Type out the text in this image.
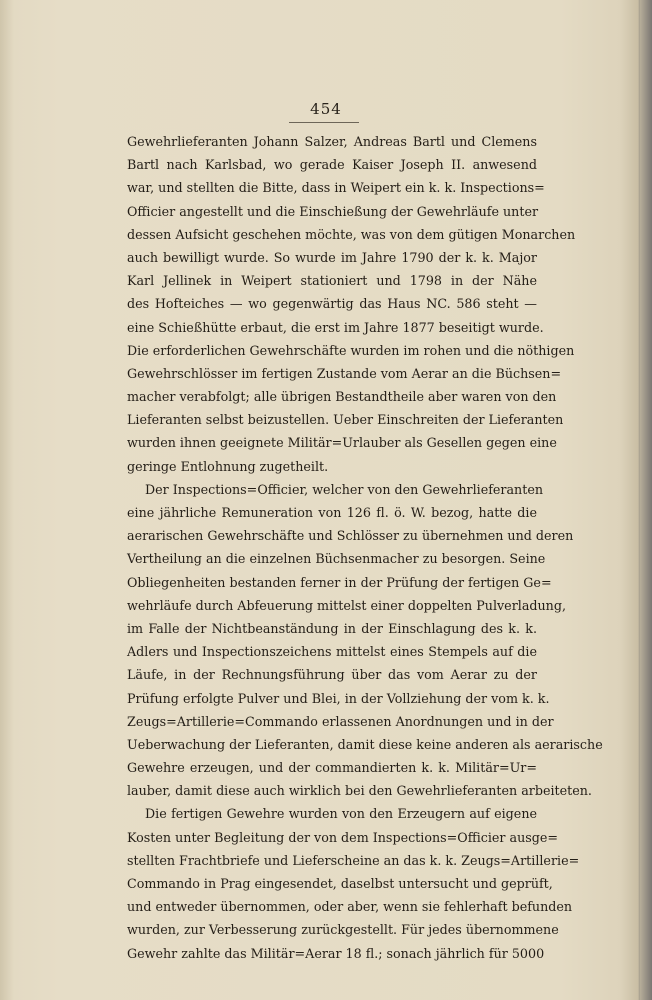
454
Gewehrlieferanten Johann Salzer, Andreas Bartl und Clemens
Bartl nach Karlsbad, wo gerade Kaiser Joseph II. anwesend
war, und stellten die Bitte, dass in Weipert ein k. k. Inspections=
Officier angestellt und die Einschießung der Gewehrläufe unter
dessen Aufsicht geschehen möchte, was von dem gütigen Monarchen
auch bewilligt wurde. So wurde im Jahre 1790 der k. k. Major
Karl Jellinek in Weipert stationiert und 1798 in der Nähe
des Hofteiches — wo gegenwärtig das Haus NC. 586 steht —
eine Schießhütte erbaut, die erst im Jahre 1877 beseitigt wurde.
Die erforderlichen Gewehrschäfte wurden im rohen und die nöthigen
Gewehrschlösser im fertigen Zustande vom Aerar an die Büchsen=
macher verabfolgt; alle übrigen Bestandtheile aber waren von den
Lieferanten selbst beizustellen. Ueber Einschreiten der Lieferanten
wurden ihnen geeignete Militär=Urlauber als Gesellen gegen eine
geringe Entlohnung zugetheilt.
Der Inspections=Officier, welcher von den Gewehrlieferanten
eine jährliche Remuneration von 126 fl. ö. W. bezog, hatte die
aerarischen Gewehrschäfte und Schlösser zu übernehmen und deren
Vertheilung an die einzelnen Büchsenmacher zu besorgen. Seine
Obliegenheiten bestanden ferner in der Prüfung der fertigen Ge=
wehrläufe durch Abfeuerung mittelst einer doppelten Pulverladung,
im Falle der Nichtbeanständung in der Einschlagung des k. k.
Adlers und Inspectionszeichens mittelst eines Stempels auf die
Läufe, in der Rechnungsführung über das vom Aerar zu der
Prüfung erfolgte Pulver und Blei, in der Vollziehung der vom k. k.
Zeugs=Artillerie=Commando erlassenen Anordnungen und in der
Ueberwachung der Lieferanten, damit diese keine anderen als aerarische
Gewehre erzeugen, und der commandierten k. k. Militär=Ur=
lauber, damit diese auch wirklich bei den Gewehrlieferanten arbeiteten.
Die fertigen Gewehre wurden von den Erzeugern auf eigene
Kosten unter Begleitung der von dem Inspections=Officier ausge=
stellten Frachtbriefe und Lieferscheine an das k. k. Zeugs=Artillerie=
Commando in Prag eingesendet, daselbst untersucht und geprüft,
und entweder übernommen, oder aber, wenn sie fehlerhaft befunden
wurden, zur Verbesserung zurückgestellt. Für jedes übernommene
Gewehr zahlte das Militär=Aerar 18 fl.; sonach jährlich für 5000
